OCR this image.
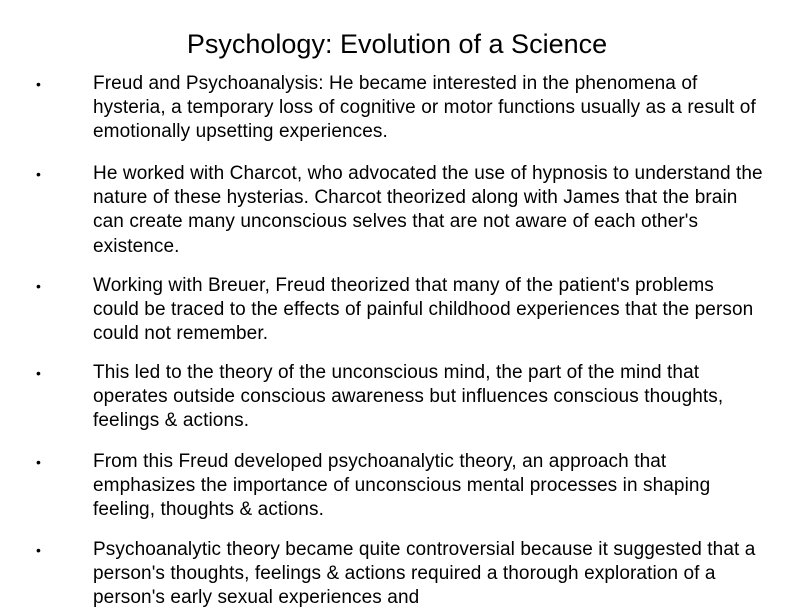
Psychology: Evolution of a Science
•	Freud and Psychoanalysis: He became interested in the phenomena of hysteria, a temporary loss of cognitive or motor functions usually as a result of emotionally upsetting experiences.
•	He worked with Charcot, who advocated the use of hypnosis to understand the nature of these hysterias. Charcot theorized along with James that the brain can create many unconscious selves that are not aware of each other's existence.
•	Working with Breuer, Freud theorized that many of the patient's problems could be traced to the effects of painful childhood experiences that the person could not remember.
•	This led to the theory of the unconscious mind, the part of the mind that operates outside conscious awareness but influences conscious thoughts, feelings & actions.
•	From this Freud developed psychoanalytic theory, an approach that emphasizes the importance of unconscious mental processes in shaping feeling, thoughts & actions.
•	Psychoanalytic theory became quite controversial because it suggested that a person's thoughts, feelings & actions required a thorough exploration of a person's early sexual experiences and
